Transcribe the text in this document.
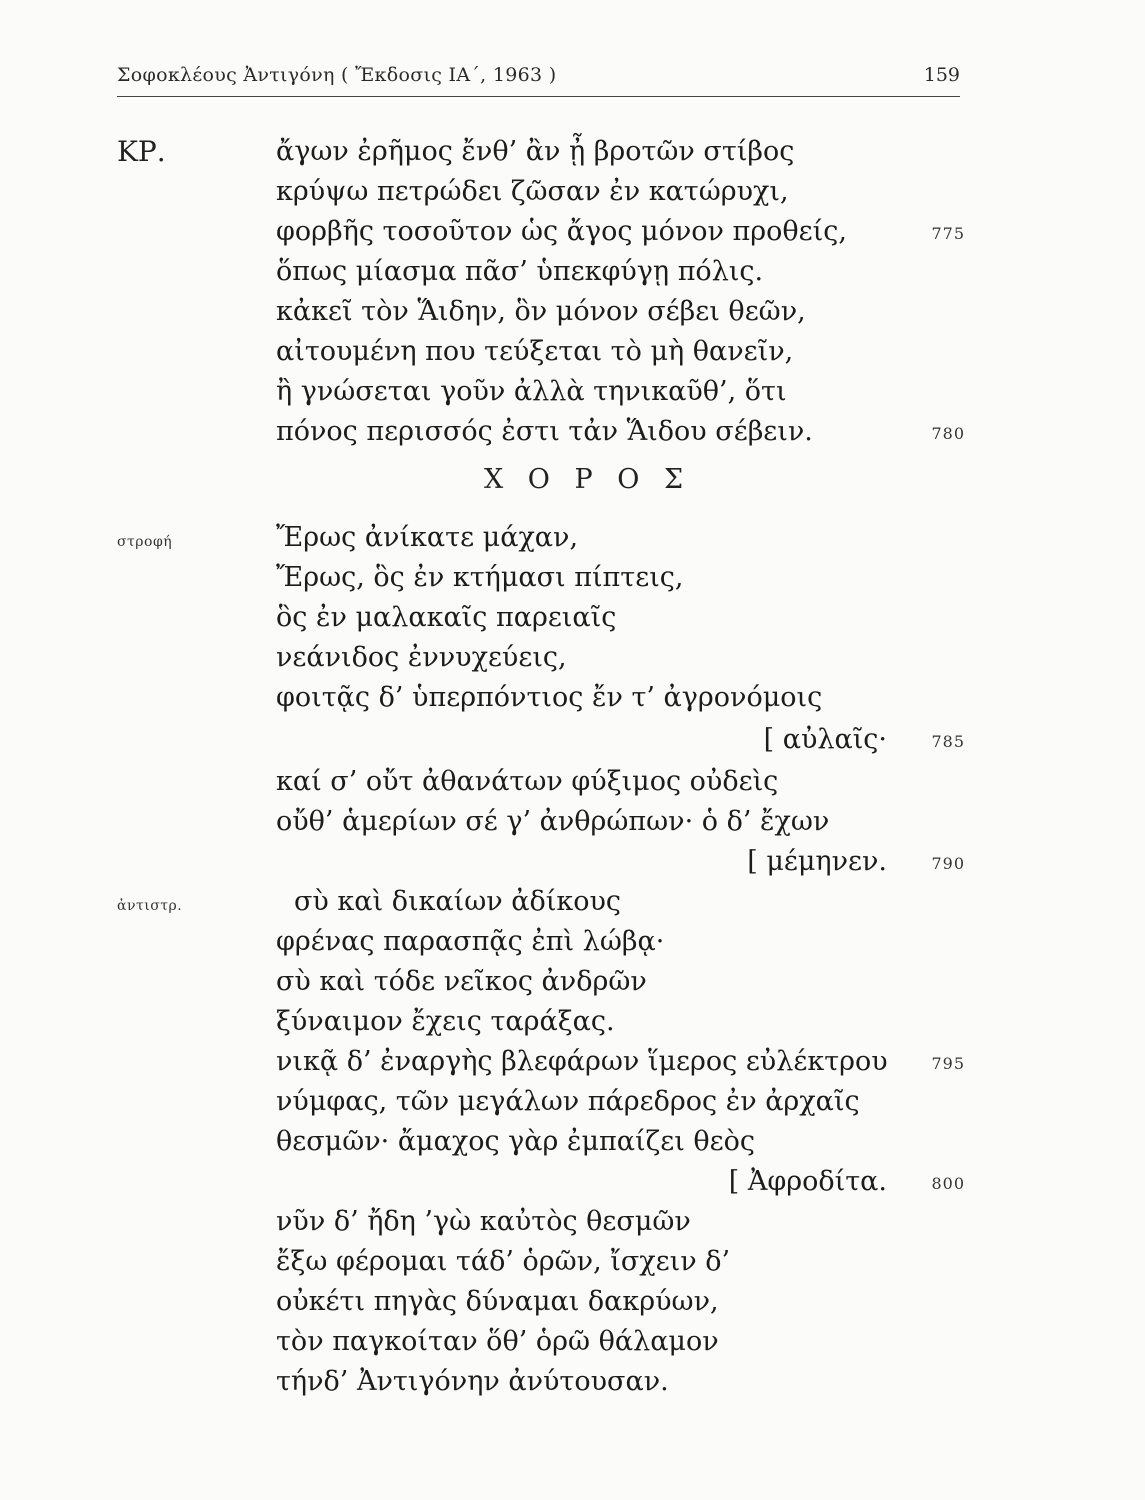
Σοφοκλέους Ἀντιγόνη ( Ἔκδοσις ΙΑ΄, 1963 )	159
ΚΡ.	ἄγων ἐρῆμος ἔνθ’ ἂν ᾖ βροτῶν στίβος
κρύψω πετρώδει ζῶσαν ἐν κατώρυχι,
φορβῆς τοσοῦτον ὡς ἄγος μόνον προθείς,	775
ὅπως μίασμα πᾶσ’ ὑπεκφύγῃ πόλις.
κἀκεῖ τὸν Ἅιδην, ὃν μόνον σέβει θεῶν,
αἰτουμένη που τεύξεται τὸ μὴ θανεῖν,
ἢ γνώσεται γοῦν ἀλλὰ τηνικαῦθ’, ὅτι
πόνος περισσός ἐστι τἀν Ἅιδου σέβειν.	780
Χ Ο Ρ Ο Σ
στροφή	Ἔρως ἀνίκατε μάχαν,
Ἔρως, ὃς ἐν κτήμασι πίπτεις,
ὃς ἐν μαλακαῖς παρειαῖς
νεάνιδος ἐννυχεύεις,
φοιτᾷς δ’ ὑπερπόντιος ἔν τ’ ἀγρονόμοις
[ αὐλαῖς·	785
καί σ’ οὔτ ἀθανάτων φύξιμος οὐδεὶς
οὔθ’ ἁμερίων σέ γ’ ἀνθρώπων· ὁ δ’ ἔχων
[ μέμηνεν.	790
ἀντιστρ.	σὺ καὶ δικαίων ἀδίκους
φρένας παρασπᾷς ἐπὶ λώβᾳ·
σὺ καὶ τόδε νεῖκος ἀνδρῶν
ξύναιμον ἔχεις ταράξας.
νικᾷ δ’ ἐναργὴς βλεφάρων ἵμερος εὐλέκτρου	795
νύμφας, τῶν μεγάλων πάρεδρος ἐν ἀρχαῖς
θεσμῶν· ἄμαχος γὰρ ἐμπαίζει θεὸς
[ Ἀφροδίτα.	800
νῦν δ’ ἤδη ’γὼ καὐτὸς θεσμῶν
ἔξω φέρομαι τάδ’ ὁρῶν, ἴσχειν δ’
οὐκέτι πηγὰς δύναμαι δακρύων,
τὸν παγκοίταν ὅθ’ ὁρῶ θάλαμον
τήνδ’ Ἀντιγόνην ἀνύτουσαν.
